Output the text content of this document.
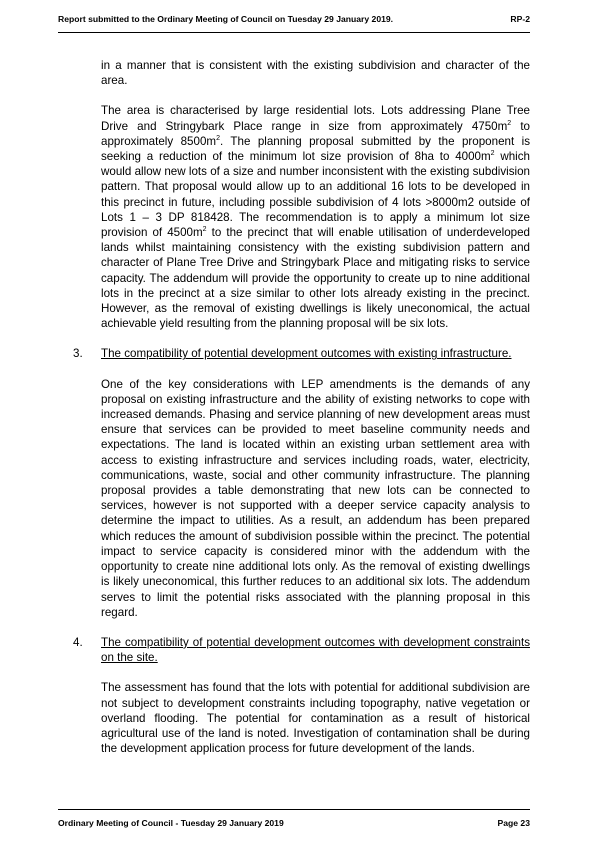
Report submitted to the Ordinary Meeting of Council on Tuesday 29 January 2019.	RP-2

in a manner that is consistent with the existing subdivision and character of the area.

The area is characterised by large residential lots. Lots addressing Plane Tree Drive and Stringybark Place range in size from approximately $4750m^2$ to approximately $8500m^2$. The planning proposal submitted by the proponent is seeking a reduction of the minimum lot size provision of 8ha to $4000m^2$ which would allow new lots of a size and number inconsistent with the existing subdivision pattern. That proposal would allow up to an additional 16 lots to be developed in this precinct in future, including possible subdivision of 4 lots >8000m2 outside of Lots 1 – 3 DP 818428. The recommendation is to apply a minimum lot size provision of $4500m^2$ to the precinct that will enable utilisation of underdeveloped lands whilst maintaining consistency with the existing subdivision pattern and character of Plane Tree Drive and Stringybark Place and mitigating risks to service capacity. The addendum will provide the opportunity to create up to nine additional lots in the precinct at a size similar to other lots already existing in the precinct. However, as the removal of existing dwellings is likely uneconomical, the actual achievable yield resulting from the planning proposal will be six lots.

3. The compatibility of potential development outcomes with existing infrastructure.

One of the key considerations with LEP amendments is the demands of any proposal on existing infrastructure and the ability of existing networks to cope with increased demands. Phasing and service planning of new development areas must ensure that services can be provided to meet baseline community needs and expectations. The land is located within an existing urban settlement area with access to existing infrastructure and services including roads, water, electricity, communications, waste, social and other community infrastructure. The planning proposal provides a table demonstrating that new lots can be connected to services, however is not supported with a deeper service capacity analysis to determine the impact to utilities. As a result, an addendum has been prepared which reduces the amount of subdivision possible within the precinct. The potential impact to service capacity is considered minor with the addendum with the opportunity to create nine additional lots only. As the removal of existing dwellings is likely uneconomical, this further reduces to an additional six lots. The addendum serves to limit the potential risks associated with the planning proposal in this regard.

4. The compatibility of potential development outcomes with development constraints on the site.

The assessment has found that the lots with potential for additional subdivision are not subject to development constraints including topography, native vegetation or overland flooding. The potential for contamination as a result of historical agricultural use of the land is noted. Investigation of contamination shall be during the development application process for future development of the lands.

Ordinary Meeting of Council - Tuesday 29 January 2019	Page 23
